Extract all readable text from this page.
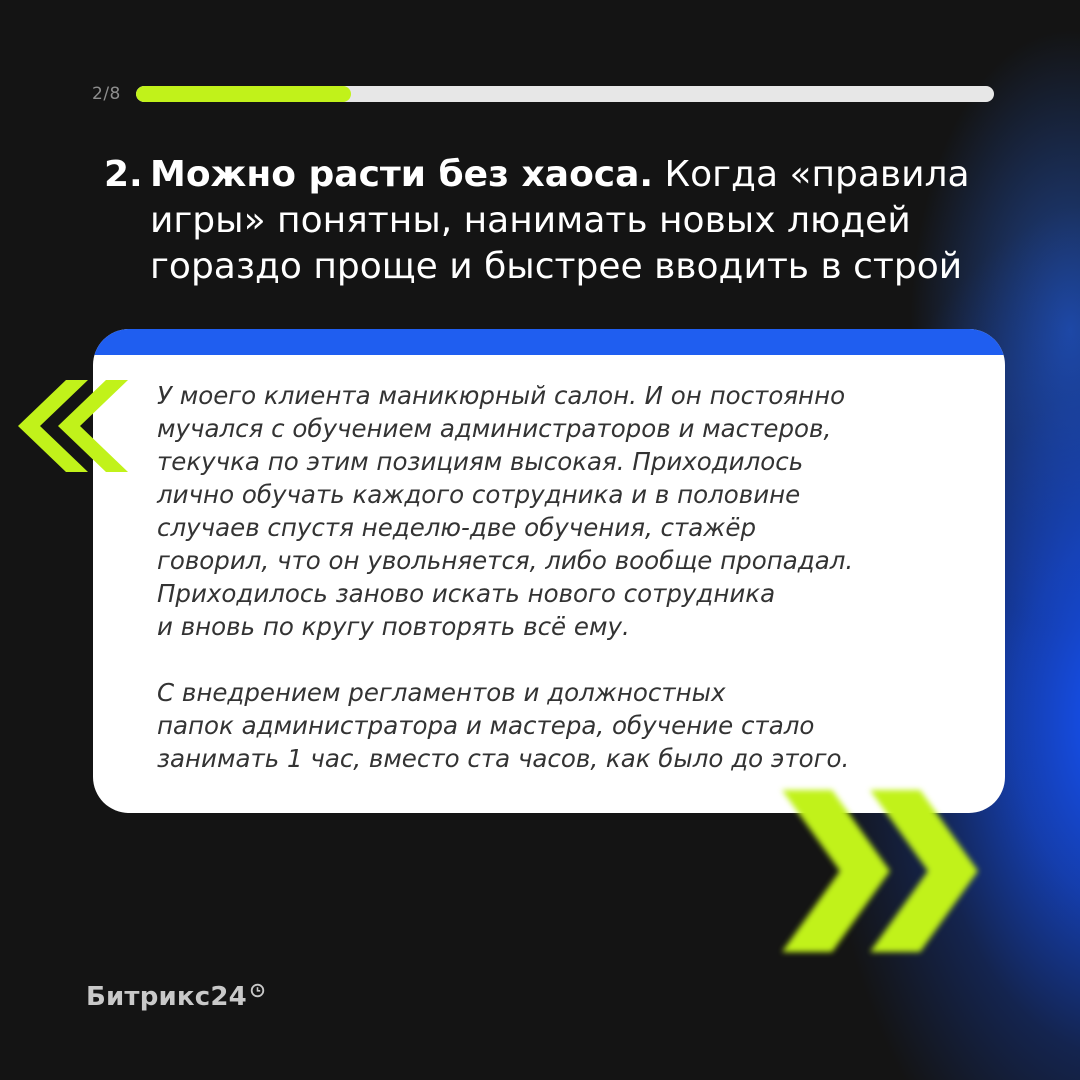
2/8
2. Можно расти без хаоса. Когда «правила
игры» понятны, нанимать новых людей
гораздо проще и быстрее вводить в строй
У моего клиента маникюрный салон. И он постоянно
мучался с обучением администраторов и мастеров,
текучка по этим позициям высокая. Приходилось
лично обучать каждого сотрудника и в половине
случаев спустя неделю-две обучения, стажёр
говорил, что он увольняется, либо вообще пропадал.
Приходилось заново искать нового сотрудника
и вновь по кругу повторять всё ему.
С внедрением регламентов и должностных
папок администратора и мастера, обучение стало
занимать 1 час, вместо ста часов, как было до этого.
Битрикс24
